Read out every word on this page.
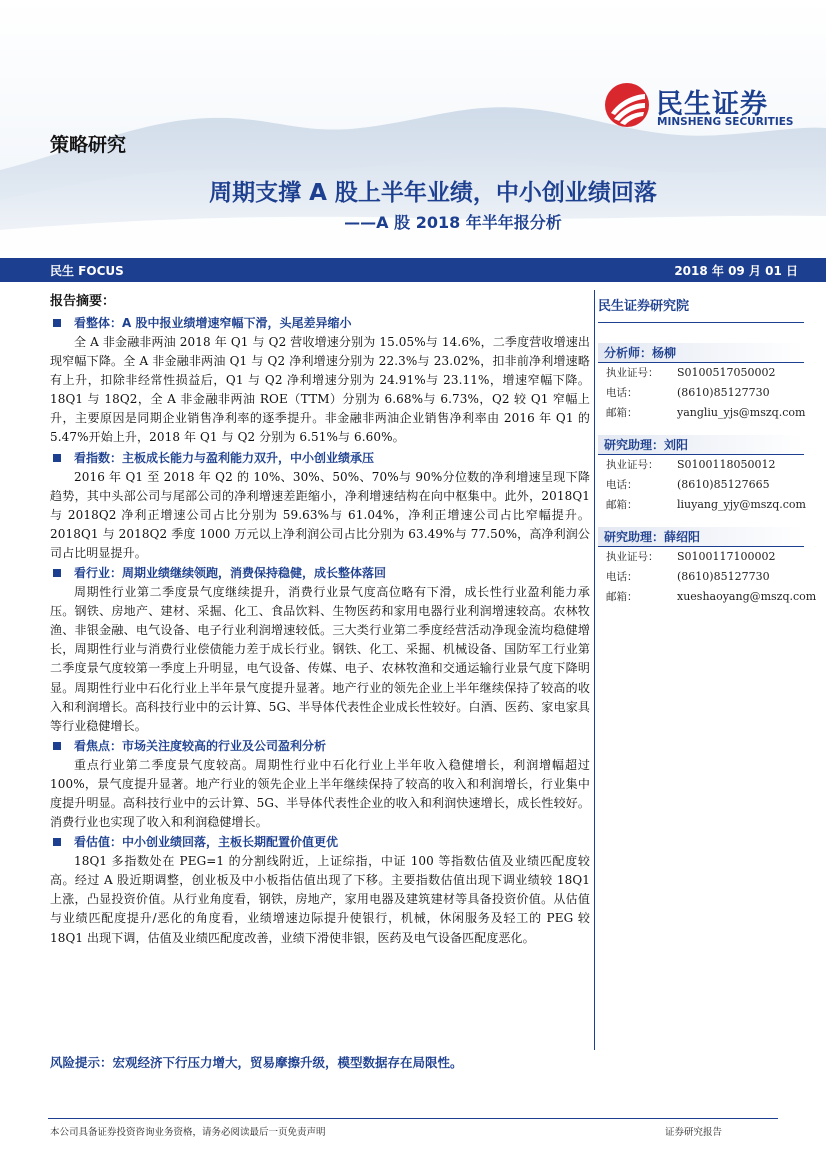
民生证券
MINSHENG SECURITIES
策略研究
周期支撑 A 股上半年业绩，中小创业绩回落
——A 股 2018 年半年报分析
民生 FOCUS	2018 年 09 月 01 日
报告摘要：
看整体：A 股中报业绩增速窄幅下滑，头尾差异缩小

全 A 非金融非两油 2018 年 Q1 与 Q2 营收增速分别为 15.05%与 14.6%，二季度营收增速出现窄幅下降。全 A 非金融非两油 Q1 与 Q2 净利增速分别为 22.3%与 23.02%，扣非前净利增速略有上升，扣除非经常性损益后，Q1 与 Q2 净利增速分别为 24.91%与 23.11%，增速窄幅下降。18Q1 与 18Q2，全 A 非金融非两油 ROE（TTM）分别为 6.68%与 6.73%，Q2 较 Q1 窄幅上升，主要原因是同期企业销售净利率的逐季提升。非金融非两油企业销售净利率由 2016 年 Q1 的 5.47%开始上升，2018 年 Q1 与 Q2 分别为 6.51%与 6.60%。

看指数：主板成长能力与盈利能力双升，中小创业绩承压

2016 年 Q1 至 2018 年 Q2 的 10%、30%、50%、70%与 90%分位数的净利增速呈现下降趋势，其中头部公司与尾部公司的净利增速差距缩小，净利增速结构在向中枢集中。此外，2018Q1 与 2018Q2 净利正增速公司占比分别为 59.63%与 61.04%，净利正增速公司占比窄幅提升。2018Q1 与 2018Q2 季度 1000 万元以上净利润公司占比分别为 63.49%与 77.50%，高净利润公司占比明显提升。

看行业：周期业绩继续领跑，消费保持稳健，成长整体落回

周期性行业第二季度景气度继续提升，消费行业景气度高位略有下滑，成长性行业盈利能力承压。钢铁、房地产、建材、采掘、化工、食品饮料、生物医药和家用电器行业利润增速较高。农林牧渔、非银金融、电气设备、电子行业利润增速较低。三大类行业第二季度经营活动净现金流均稳健增长，周期性行业与消费行业偿债能力差于成长行业。钢铁、化工、采掘、机械设备、国防军工行业第二季度景气度较第一季度上升明显，电气设备、传媒、电子、农林牧渔和交通运输行业景气度下降明显。周期性行业中石化行业上半年景气度提升显著。地产行业的领先企业上半年继续保持了较高的收入和利润增长。高科技行业中的云计算、5G、半导体代表性企业成长性较好。白酒、医药、家电家具等行业稳健增长。

看焦点：市场关注度较高的行业及公司盈利分析

重点行业第二季度景气度较高。周期性行业中石化行业上半年收入稳健增长，利润增幅超过 100%，景气度提升显著。地产行业的领先企业上半年继续保持了较高的收入和利润增长，行业集中度提升明显。高科技行业中的云计算、5G、半导体代表性企业的收入和利润快速增长，成长性较好。消费行业也实现了收入和利润稳健增长。

看估值：中小创业绩回落，主板长期配置价值更优

18Q1 多指数处在 PEG=1 的分割线附近，上证综指，中证 100 等指数估值及业绩匹配度较高。经过 A 股近期调整，创业板及中小板指估值出现了下移。主要指数估值出现下调业绩较 18Q1 上涨，凸显投资价值。从行业角度看，钢铁，房地产，家用电器及建筑建材等具备投资价值。从估值与业绩匹配度提升/恶化的角度看，业绩增速边际提升使银行，机械，休闲服务及轻工的 PEG 较 18Q1 出现下调，估值及业绩匹配度改善，业绩下滑使非银，医药及电气设备匹配度恶化。

风险提示：宏观经济下行压力增大，贸易摩擦升级，模型数据存在局限性。
民生证券研究院
分析师：杨柳
执业证号： S0100517050002
电话：	(8610)85127730
邮箱：	yangliu_yjs@mszq.com
研究助理：刘阳
执业证号： S0100118050012
电话：	(8610)85127665
邮箱：	liuyang_yjy@mszq.com
研究助理：薛绍阳
执业证号： S0100117100002
电话：	(8610)85127730
邮箱：	xueshaoyang@mszq.com
本公司具备证券投资咨询业务资格，请务必阅读最后一页免责声明	证券研究报告
